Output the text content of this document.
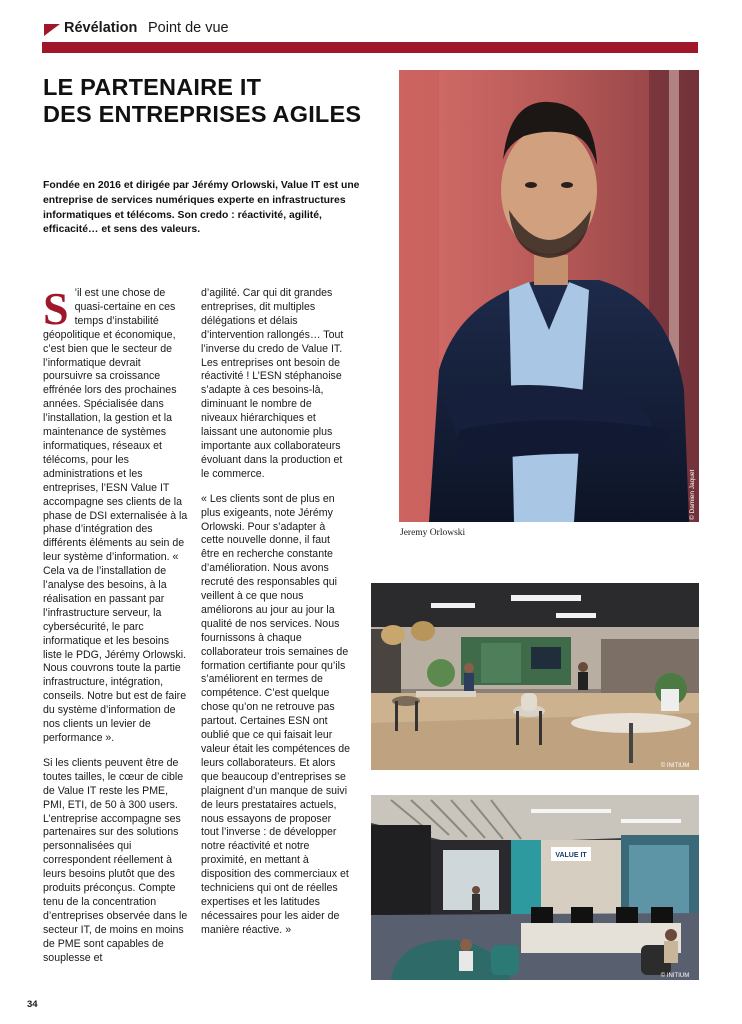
Révélation Point de vue
LE PARTENAIRE IT
DES ENTREPRISES AGILES
Fondée en 2016 et dirigée par Jérémy Orlowski, Value IT est une entreprise de services numériques experte en infrastructures informatiques et télécoms. Son credo : réactivité, agilité, efficacité… et sens des valeurs.

S ’il est une chose de quasi-certaine en ces temps d’instabilité géopolitique et économique, c’est bien que le secteur de l’informatique devrait poursuivre sa croissance effrénée lors des prochaines années. Spécialisée dans l’installation, la gestion et la maintenance de systèmes informatiques, réseaux et télécoms, pour les administrations et les entreprises, l’ESN Value IT accompagne ses clients de la phase de DSI externalisée à la phase d’intégration des différents éléments au sein de leur système d’information. « Cela va de l’installation de l’analyse des besoins, à la réalisation en passant par l’infrastructure serveur, la cybersécurité, le parc informatique et les besoins liste le PDG, Jérémy Orlowski. Nous couvrons toute la partie infrastructure, intégration, conseils. Notre but est de faire du système d’information de nos clients un levier de performance ».

Si les clients peuvent être de toutes tailles, le cœur de cible de Value IT reste les PME, PMI, ETI, de 50 à 300 users. L’entreprise accompagne ses partenaires sur des solutions personnalisées qui correspondent réellement à leurs besoins plutôt que des produits préconçus. Compte tenu de la concentration d’entreprises observée dans le secteur IT, de moins en moins de PME sont capables de souplesse et

d’agilité. Car qui dit grandes entreprises, dit multiples délégations et délais d’intervention rallongés… Tout l’inverse du credo de Value IT. Les entreprises ont besoin de réactivité ! L’ESN stéphanoise s’adapte à ces besoins-là, diminuant le nombre de niveaux hiérarchiques et laissant une autonomie plus importante aux collaborateurs évoluant dans la production et le commerce.

« Les clients sont de plus en plus exigeants, note Jérémy Orlowski. Pour s’adapter à cette nouvelle donne, il faut être en recherche constante d’amélioration. Nous avons recruté des responsables qui veillent à ce que nous améliorons au jour au jour la qualité de nos services. Nous fournissons à chaque collaborateur trois semaines de formation certifiante pour qu’ils s’améliorent en termes de compétence. C’est quelque chose qu’on ne retrouve pas partout. Certaines ESN ont oublié que ce qui faisait leur valeur était les compétences de leurs collaborateurs. Et alors que beaucoup d’entreprises se plaignent d’un manque de suivi de leurs prestataires actuels, nous essayons de proposer tout l’inverse : de développer notre réactivité et notre proximité, en mettant à disposition des commerciaux et techniciens qui ont de réelles expertises et les latitudes nécessaires pour les aider de manière réactive. »

© Damien Jaquet
Jeremy Orlowski
© INITIUM
VALUE IT
© INITIUM
34
